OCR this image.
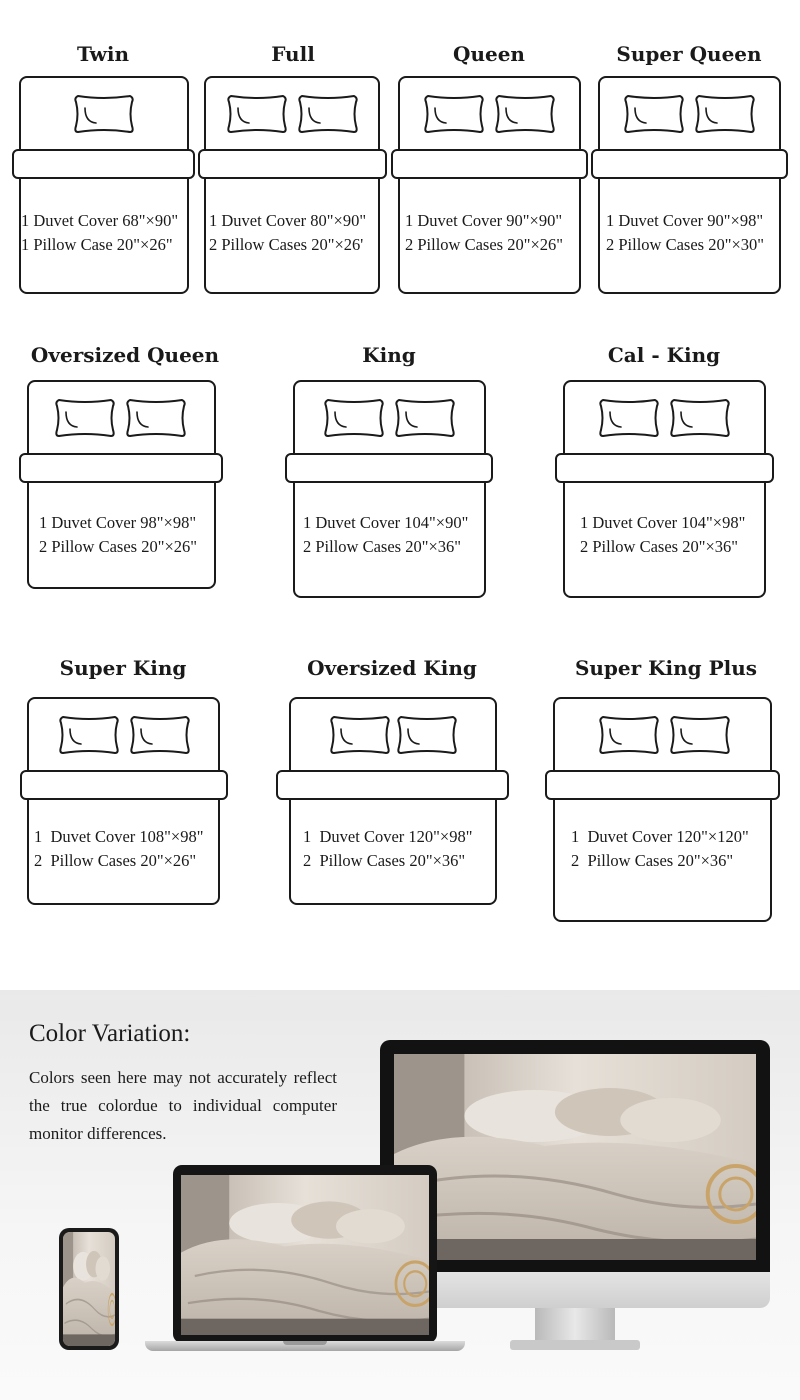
Twin
1 Duvet Cover 68"×90"
1 Pillow Case 20"×26"
Full
1 Duvet Cover 80"×90"
2 Pillow Cases 20"×26'
Queen
1 Duvet Cover 90"×90"
2 Pillow Cases 20"×26"
Super Queen
1 Duvet Cover 90"×98"
2 Pillow Cases 20"×30"
Oversized Queen
1 Duvet Cover 98"×98"
2 Pillow Cases 20"×26"
King
1 Duvet Cover 104"×90"
2 Pillow Cases 20"×36"
Cal - King
1 Duvet Cover 104"×98"
2 Pillow Cases 20"×36"
Super King
1  Duvet Cover 108"×98"
2  Pillow Cases 20"×26"
Oversized King
1  Duvet Cover 120"×98"
2  Pillow Cases 20"×36"
Super King Plus
1  Duvet Cover 120"×120"
2  Pillow Cases 20"×36"
Color Variation:
Colors seen here may not accurately reflect the true colordue to individual computer monitor differences.
